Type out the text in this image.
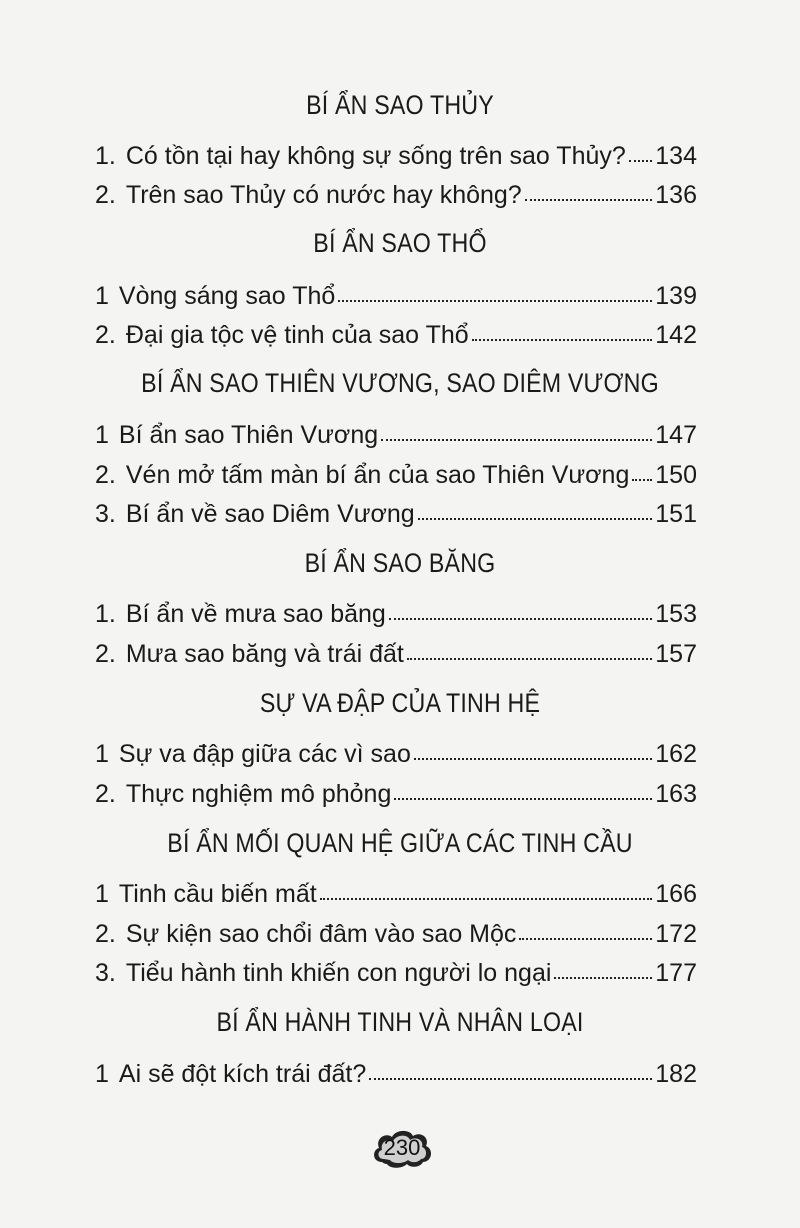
BÍ ẨN SAO THỦY
1. Có tồn tại hay không sự sống trên sao Thủy? 134
2. Trên sao Thủy có nước hay không?	136
BÍ ẨN SAO THỔ
1 Vòng sáng sao Thổ	139
2. Đại gia tộc vệ tinh của sao Thổ	142
BÍ ẨN SAO THIÊN VƯƠNG, SAO DIÊM VƯƠNG
1 Bí ẩn sao Thiên Vương	147
2. Vén mở tấm màn bí ẩn của sao Thiên Vương 150
3. Bí ẩn về sao Diêm Vương	151
BÍ ẨN SAO BĂNG
1. Bí ẩn về mưa sao băng	153
2. Mưa sao băng và trái đất	157
SỰ VA ĐẬP CỦA TINH HỆ
1 Sự va đập giữa các vì sao	162
2. Thực nghiệm mô phỏng	163
BÍ ẨN MỐI QUAN HỆ GIỮA CÁC TINH CẦU
1 Tinh cầu biến mất	166
2. Sự kiện sao chổi đâm vào sao Mộc	172
3. Tiểu hành tinh khiến con người lo ngại	177
BÍ ẨN HÀNH TINH VÀ NHÂN LOẠI
1 Ai sẽ đột kích trái đất?	182
230
